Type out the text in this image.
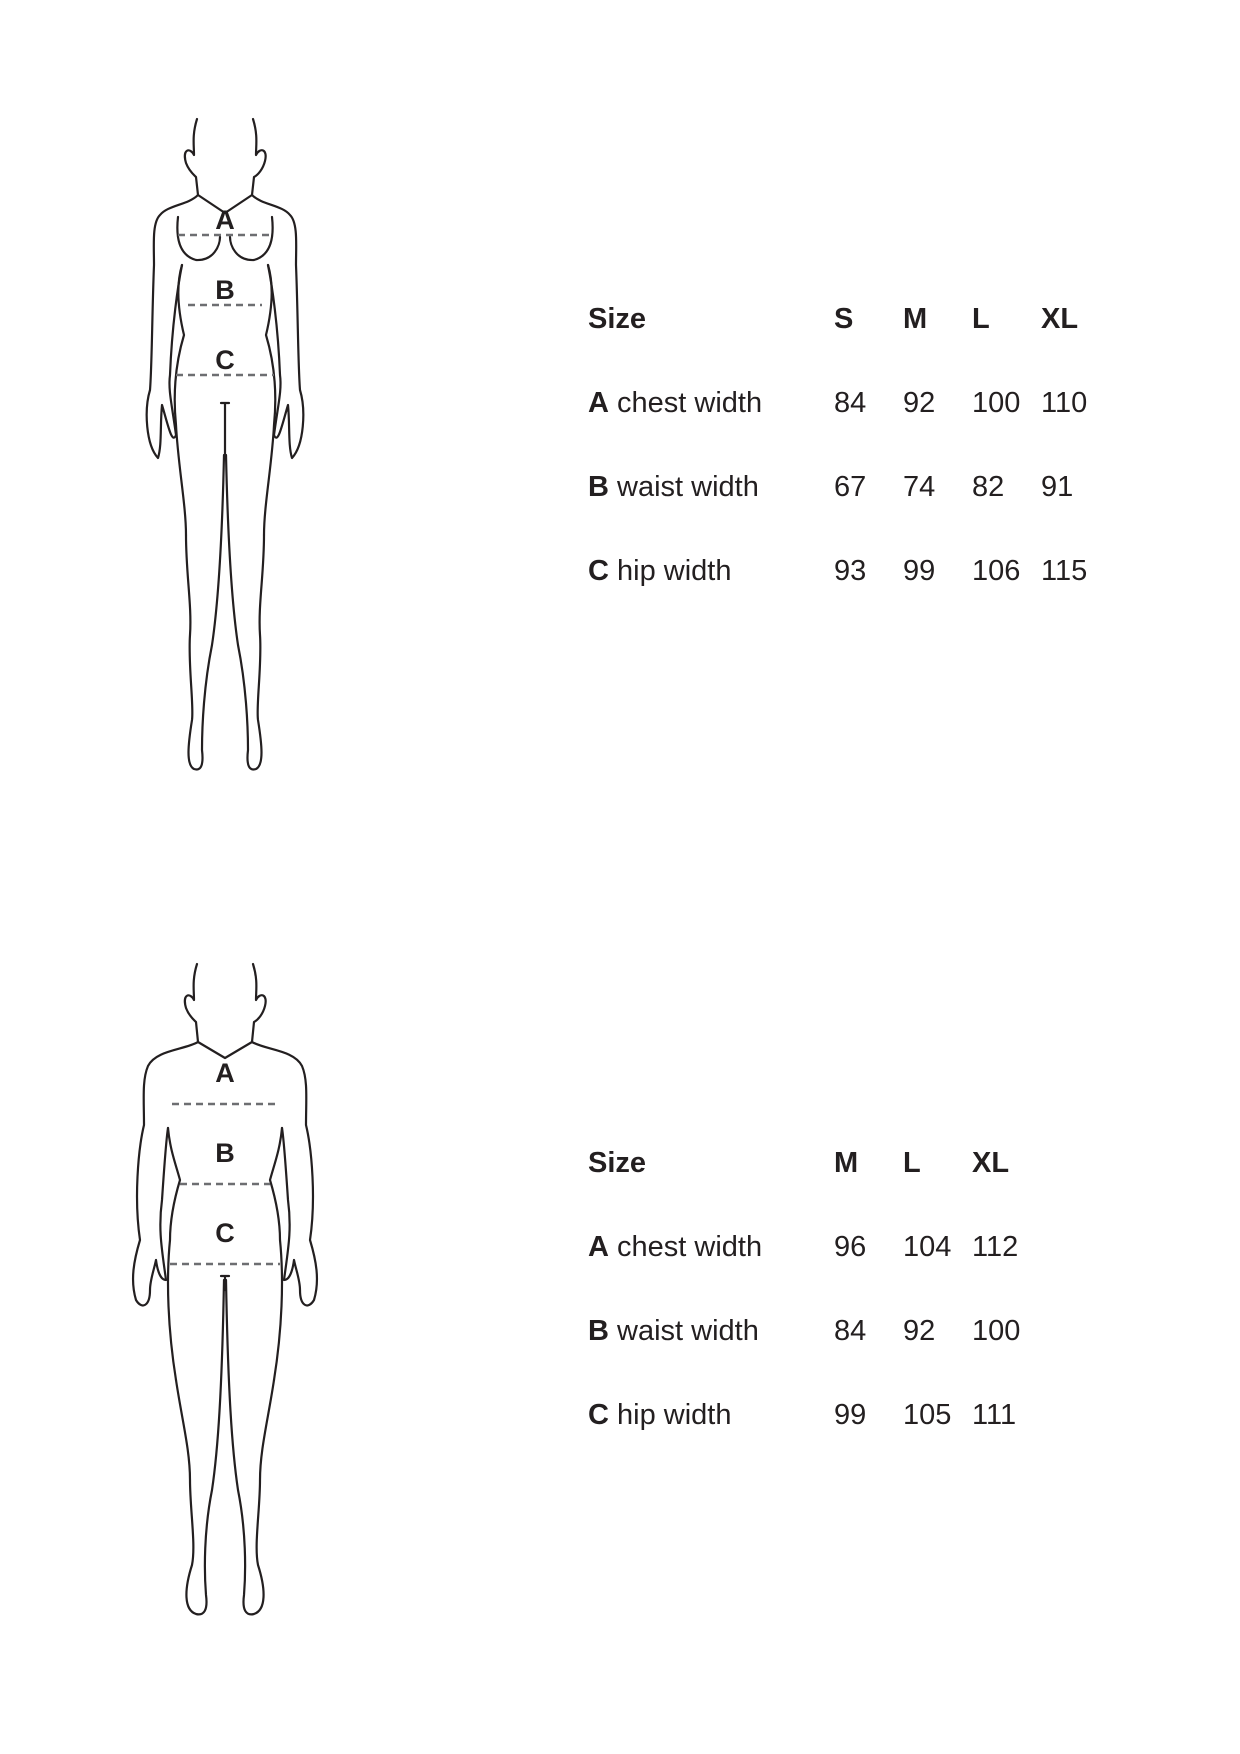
A
B
C
Size	S	M	L	XL
A chest width	84	92	100	110
B waist width	67	74	82	91
C hip width	93	99	106	115
A
B
C
Size	M	L	XL
A chest width	96	104	112
B waist width	84	92	100
C hip width	99	105	111
